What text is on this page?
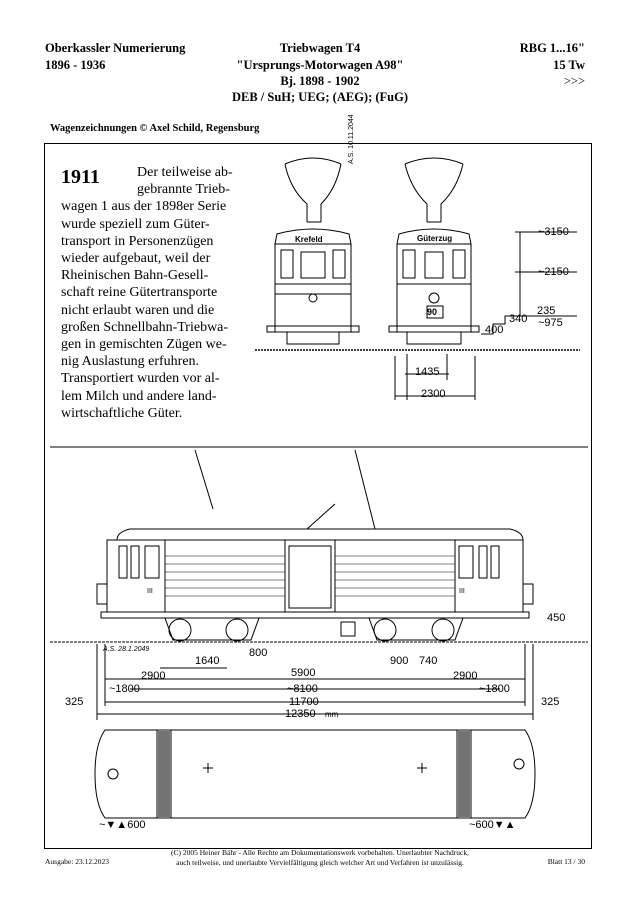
Oberkassler Numerierung
1896 - 1936
Triebwagen T4
"Ursprungs-Motorwagen A98"
Bj. 1898 - 1902
DEB / SuH; UEG; (AEG); (FuG)
RBG 1...16"
15 Tw
>>>
Wagenzeichnungen © Axel Schild, Regensburg
1911	Der teilweise ab-
gebrannte Trieb-
wagen 1 aus der 1898er Serie
wurde speziell zum Güter-
transport in Personenzügen
wieder aufgebaut, weil der
Rheinischen Bahn-Gesell-
schaft reine Gütertransporte
nicht erlaubt waren und die
großen Schnellbahn-Triebwa-
gen in gemischten Zügen we-
nig Auslastung erfuhren.
Transportiert wurden vor al-
lem Milch und andere land-
wirtschaftliche Güter.
Krefeld	Güterzug
90
III	III
A.S. 10.11.2044
A.S. 28.1.2049
~3150
~2150
235
~975
340
400
1435
2300
450
800
1640
5900
900 740
2900	2900
~1800	~1800
~8100
325	325
11700
12350 mm
~▼▲600	~600▼▲
Ausgabe: 23.12.2023
(C) 2005 Heiner Bähr - Alle Rechte am Dokumentationswerk vorbehalten. Unerlaubter Nachdruck,
auch teilweise, und unerlaubte Vervielfältigung gleich welcher Art und Verfahren ist unzulässig.	Blatt 13 / 30
